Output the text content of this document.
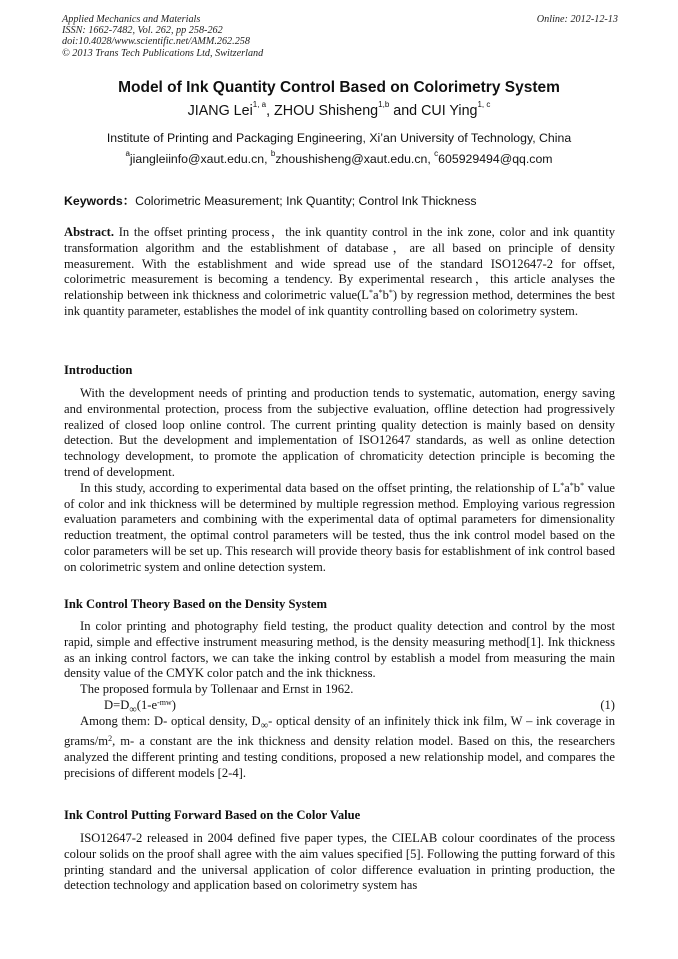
Applied Mechanics and Materials
ISSN: 1662-7482, Vol. 262, pp 258-262
doi:10.4028/www.scientific.net/AMM.262.258
© 2013 Trans Tech Publications Ltd, Switzerland
Online: 2012-12-13
Model of Ink Quantity Control Based on Colorimetry System
JIANG Lei$^{1, a}$, ZHOU Shisheng$^{1,b}$ and CUI Ying$^{1, c}$
Institute of Printing and Packaging Engineering, Xi’an University of Technology, China
$^a$jiangleiinfo@xaut.edu.cn, $^b$zhoushisheng@xaut.edu.cn, $^c$605929494@qq.com
Keywords：Colorimetric Measurement; Ink Quantity; Control Ink Thickness

Abstract. In the offset printing process，the ink quantity control in the ink zone, color and ink quantity transformation algorithm and the establishment of database，are all based on principle of density measurement. With the establishment and wide spread use of the standard ISO12647-2 for offset, colorimetric measurement is becoming a tendency. By experimental research，this article analyses the relationship between ink thickness and colorimetric value(L*a*b*) by regression method, determines the best ink quantity parameter, establishes the model of ink quantity controlling based on colorimetry system.

Introduction

With the development needs of printing and production tends to systematic, automation, energy saving and environmental protection, process from the subjective evaluation, offline detection had progressively realized of closed loop online control. The current printing quality detection is mainly based on density detection. But the development and implementation of ISO12647 standards, as well as online detection technology development, to promote the application of chromaticity detection principle is becoming the trend of development.

In this study, according to experimental data based on the offset printing, the relationship of L*a*b* value of color and ink thickness will be determined by multiple regression method. Employing various regression evaluation parameters and combining with the experimental data of optimal parameters for dimensionality reduction treatment, the optimal control parameters will be tested, thus the ink control model based on the color parameters will be set up. This research will provide theory basis for establishment of ink control based on colorimetric system and online detection system.

Ink Control Theory Based on the Density System

In color printing and photography field testing, the product quality detection and control by the most rapid, simple and effective instrument measuring method, is the density measuring method[1]. Ink thickness as an inking control factors, we can take the inking control by establish a model from measuring the main density value of the CMYK color patch and the ink thickness.

The proposed formula by Tollenaar and Ernst in 1962.

$D=D_\infty(1-e^{-mw})$	(1)

Among them: D- optical density, $D_\infty-$ optical density of an infinitely thick ink film, W – ink coverage in grams/$m^2$, m- a constant are the ink thickness and density relation model. Based on this, the researchers analyzed the different printing and testing conditions, proposed a new relationship model, and compares the precisions of different models [2-4].

Ink Control Putting Forward Based on the Color Value

ISO12647-2 released in 2004 defined five paper types, the CIELAB colour coordinates of the process colour solids on the proof shall agree with the aim values specified [5]. Following the putting forward of this printing standard and the universal application of color difference evaluation in printing production, the detection technology and application based on colorimetry system has
